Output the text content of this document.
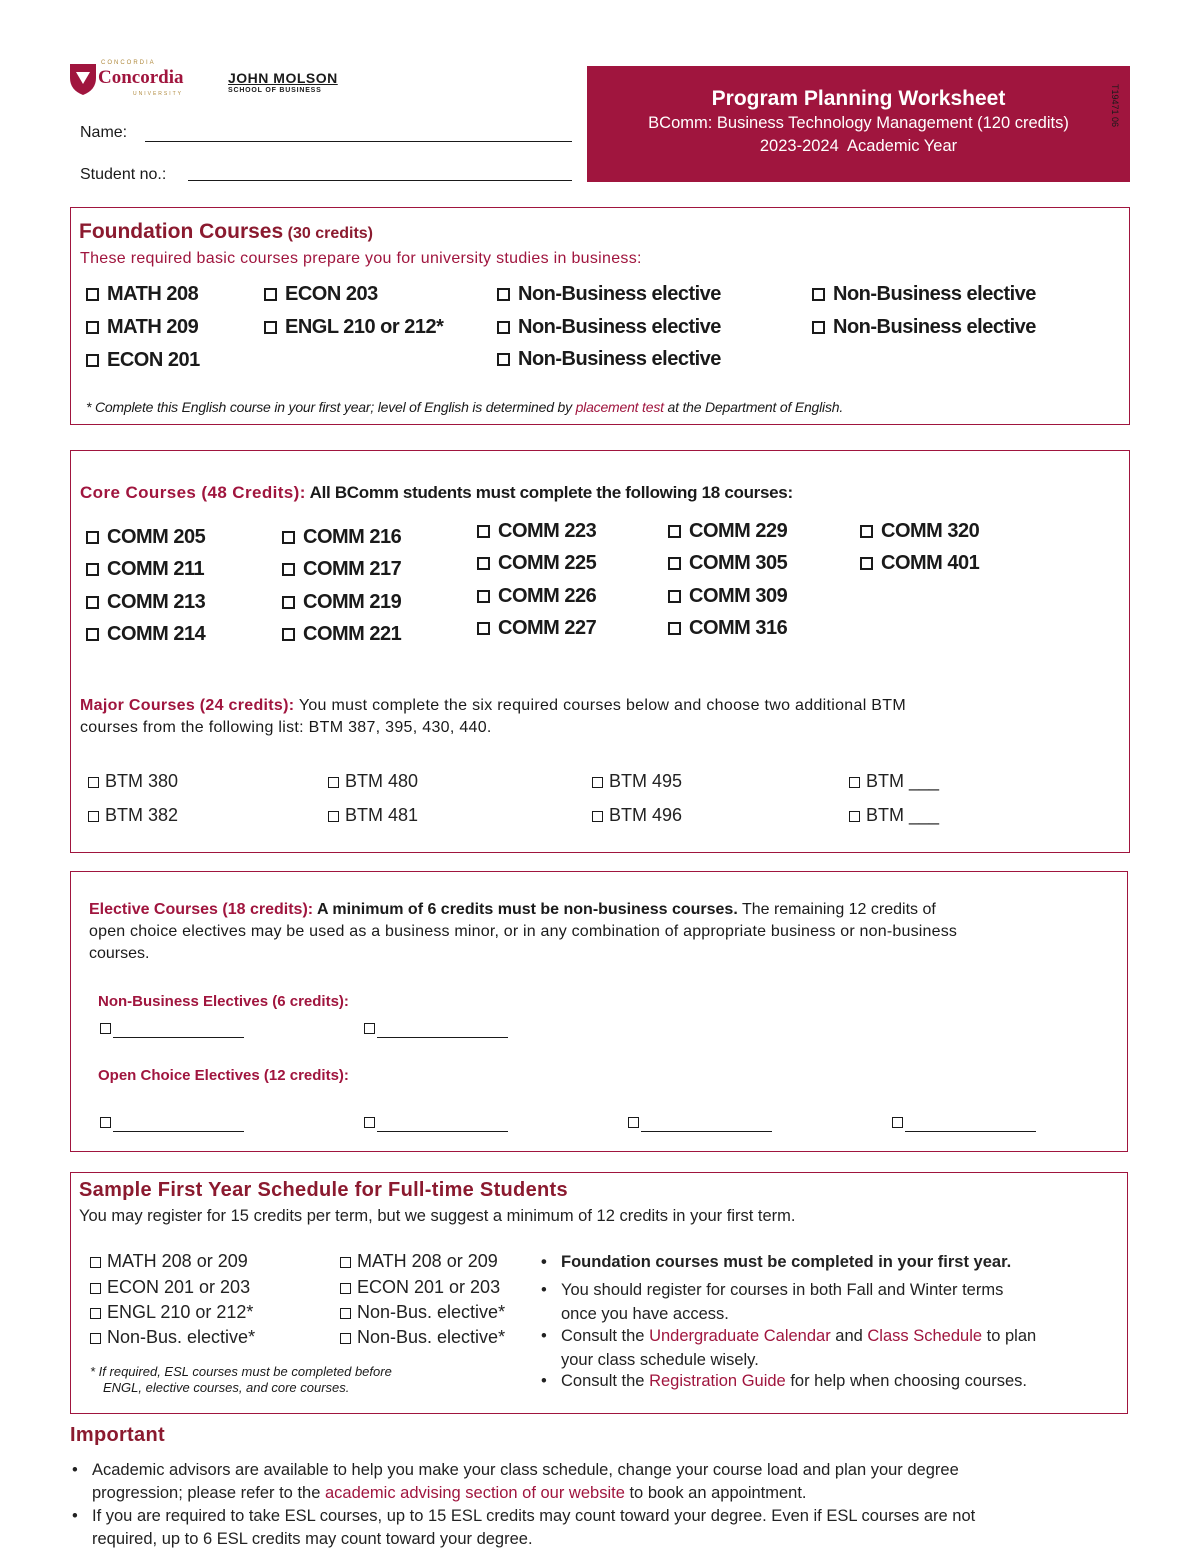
CONCORDIA
Concordia
UNIVERSITY
JOHN MOLSON
SCHOOL OF BUSINESS
Name:
Student no.:
Program Planning Worksheet
BComm: Business Technology Management (120 credits)
2023-2024  Academic Year
T19471 06
Foundation Courses (30 credits)
These required basic courses prepare you for university studies in business:
MATH 208
MATH 209
ECON 201
ECON 203
ENGL 210 or 212*
Non-Business elective
Non-Business elective
Non-Business elective
Non-Business elective
Non-Business elective
* Complete this English course in your first year; level of English is determined by placement test at the Department of English.
Core Courses (48 Credits): All BComm students must complete the following 18 courses:
COMM 205
COMM 211
COMM 213
COMM 214
COMM 216
COMM 217
COMM 219
COMM 221
COMM 223
COMM 225
COMM 226
COMM 227
COMM 229
COMM 305
COMM 309
COMM 316
COMM 320
COMM 401
Major Courses (24 credits): You must complete the six required courses below and choose two additional BTM
courses from the following list: BTM 387, 395, 430, 440.
BTM 380
BTM 382
BTM 480
BTM 481
BTM 495
BTM 496
BTM ___
BTM ___
Elective Courses (18 credits): A minimum of 6 credits must be non-business courses. The remaining 12 credits of
open choice electives may be used as a business minor, or in any combination of appropriate business or non-business
courses.
Non-Business Electives (6 credits):
Open Choice Electives (12 credits):
Sample First Year Schedule for Full-time Students
You may register for 15 credits per term, but we suggest a minimum of 12 credits in your first term.
MATH 208 or 209
ECON 201 or 203
ENGL 210 or 212*
Non-Bus. elective*
MATH 208 or 209
ECON 201 or 203
Non-Bus. elective*
Non-Bus. elective*
* If required, ESL courses must be completed before
ENGL, elective courses, and core courses.
• Foundation courses must be completed in your first year.
• You should register for courses in both Fall and Winter terms
once you have access.
• Consult the Undergraduate Calendar and Class Schedule to plan
your class schedule wisely.
• Consult the Registration Guide for help when choosing courses.
Important
• Academic advisors are available to help you make your class schedule, change your course load and plan your degree
progression; please refer to the academic advising section of our website to book an appointment.
• If you are required to take ESL courses, up to 15 ESL credits may count toward your degree. Even if ESL courses are not
required, up to 6 ESL credits may count toward your degree.
